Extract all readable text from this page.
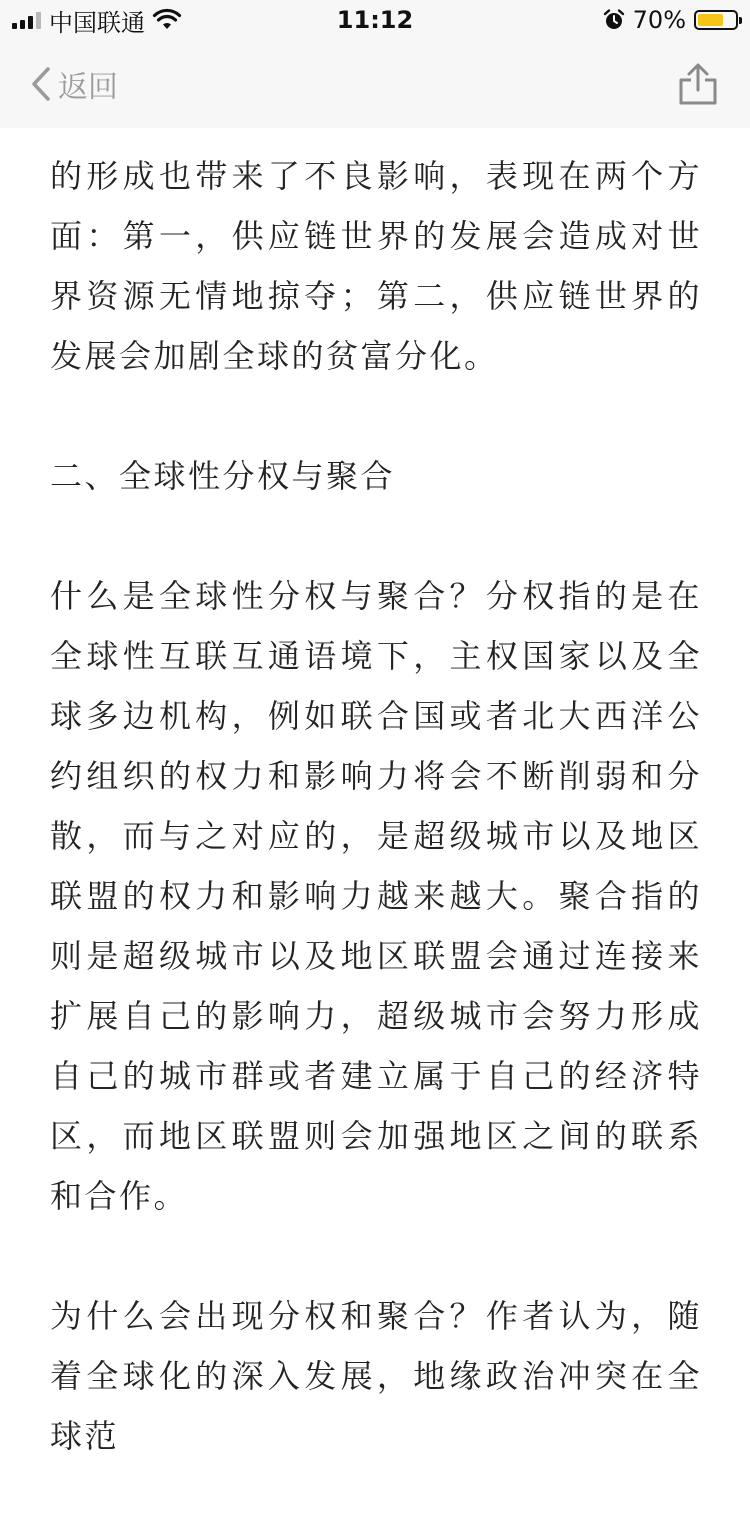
中国联通	11:12	70%
返回

的形成也带来了不良影响，表现在两个方面：第一，供应链世界的发展会造成对世界资源无情地掠夺；第二，供应链世界的发展会加剧全球的贫富分化。

二、全球性分权与聚合

什么是全球性分权与聚合？分权指的是在全球性互联互通语境下，主权国家以及全球多边机构，例如联合国或者北大西洋公约组织的权力和影响力将会不断削弱和分散，而与之对应的，是超级城市以及地区联盟的权力和影响力越来越大。聚合指的则是超级城市以及地区联盟会通过连接来扩展自己的影响力，超级城市会努力形成自己的城市群或者建立属于自己的经济特区，而地区联盟则会加强地区之间的联系和合作。

为什么会出现分权和聚合？作者认为，随着全球化的深入发展，地缘政治冲突在全球范
